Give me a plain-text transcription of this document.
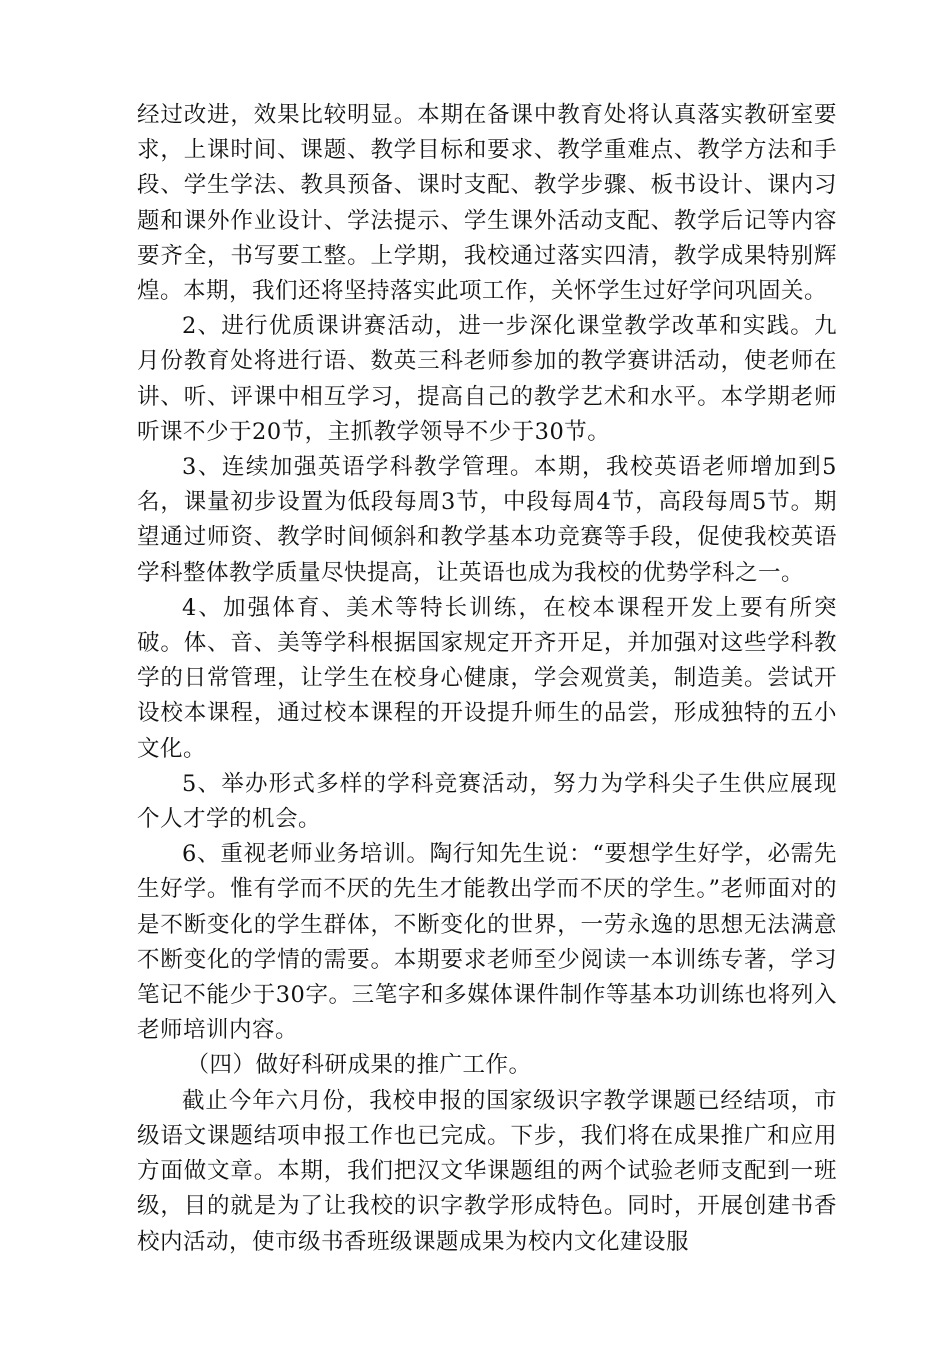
经过改进，效果比较明显。本期在备课中教育处将认真落实教研室要求，上课时间、课题、教学目标和要求、教学重难点、教学方法和手段、学生学法、教具预备、课时支配、教学步骤、板书设计、课内习题和课外作业设计、学法提示、学生课外活动支配、教学后记等内容要齐全，书写要工整。上学期，我校通过落实四清，教学成果特别辉煌。本期，我们还将坚持落实此项工作，关怀学生过好学问巩固关。

2、进行优质课讲赛活动，进一步深化课堂教学改革和实践。九月份教育处将进行语、数英三科老师参加的教学赛讲活动，使老师在讲、听、评课中相互学习，提高自己的教学艺术和水平。本学期老师听课不少于20节，主抓教学领导不少于30节。

3、连续加强英语学科教学管理。本期，我校英语老师增加到5名，课量初步设置为低段每周3节，中段每周4节，高段每周5节。期望通过师资、教学时间倾斜和教学基本功竞赛等手段，促使我校英语学科整体教学质量尽快提高，让英语也成为我校的优势学科之一。

4、加强体育、美术等特长训练，在校本课程开发上要有所突破。体、音、美等学科根据国家规定开齐开足，并加强对这些学科教学的日常管理，让学生在校身心健康，学会观赏美，制造美。尝试开设校本课程，通过校本课程的开设提升师生的品尝，形成独特的五小文化。

5、举办形式多样的学科竞赛活动，努力为学科尖子生供应展现个人才学的机会。

6、重视老师业务培训。陶行知先生说：“要想学生好学，必需先生好学。惟有学而不厌的先生才能教出学而不厌的学生。”老师面对的是不断变化的学生群体，不断变化的世界，一劳永逸的思想无法满意不断变化的学情的需要。本期要求老师至少阅读一本训练专著，学习笔记不能少于30字。三笔字和多媒体课件制作等基本功训练也将列入老师培训内容。

（四）做好科研成果的推广工作。

截止今年六月份，我校申报的国家级识字教学课题已经结项，市级语文课题结项申报工作也已完成。下步，我们将在成果推广和应用方面做文章。本期，我们把汉文华课题组的两个试验老师支配到一班级，目的就是为了让我校的识字教学形成特色。同时，开展创建书香校内活动，使市级书香班级课题成果为校内文化建设服
